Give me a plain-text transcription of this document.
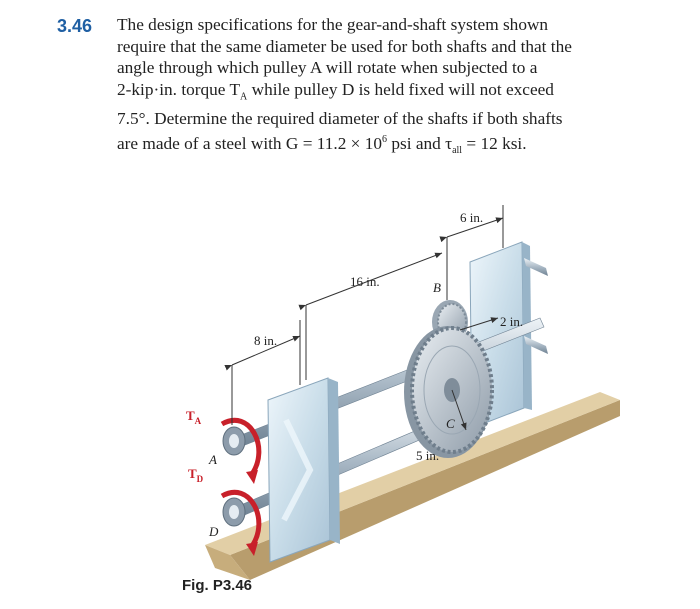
3.46 The design specifications for the gear-and-shaft system shown
require that the same diameter be used for both shafts and that the
angle through which pulley A will rotate when subjected to a
2-kip·in. torque $T_A$ while pulley D is held fixed will not exceed
7.5°. Determine the required diameter of the shafts if both shafts
are made of a steel with $G = 11.2 \times 10^6$ psi and $\tau_{all} = 12$ ksi.
6 in.
16 in.
8 in.
2 in.
5 in.
B
C
A
D
$T_A$
$T_D$
Fig. P3.46
